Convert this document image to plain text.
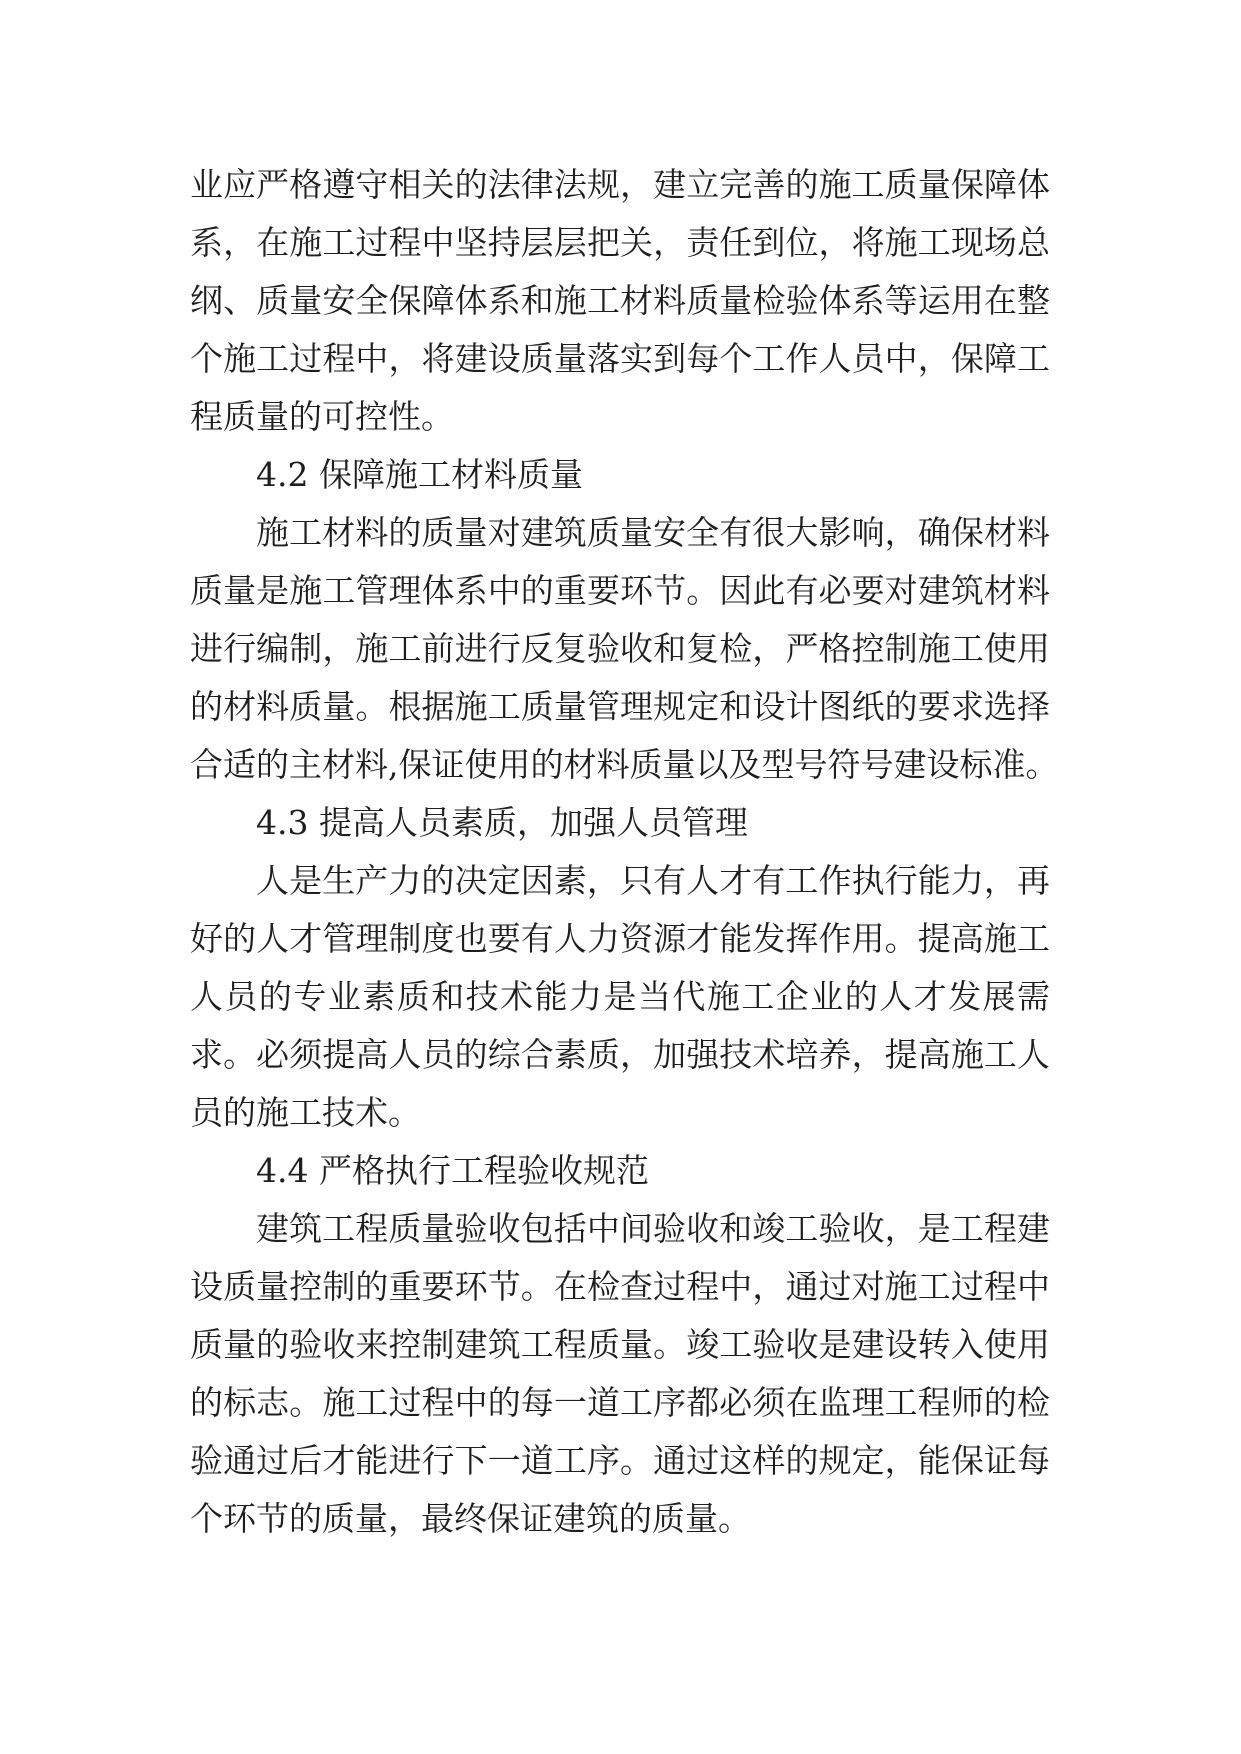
业应严格遵守相关的法律法规，建立完善的施工质量保障体
系，在施工过程中坚持层层把关，责任到位，将施工现场总
纲、质量安全保障体系和施工材料质量检验体系等运用在整
个施工过程中，将建设质量落实到每个工作人员中，保障工
程质量的可控性。
4.2 保障施工材料质量
施工材料的质量对建筑质量安全有很大影响，确保材料
质量是施工管理体系中的重要环节。因此有必要对建筑材料
进行编制，施工前进行反复验收和复检，严格控制施工使用
的材料质量。根据施工质量管理规定和设计图纸的要求选择
合适的主材料,保证使用的材料质量以及型号符号建设标准。
4.3 提高人员素质，加强人员管理
人是生产力的决定因素，只有人才有工作执行能力，再
好的人才管理制度也要有人力资源才能发挥作用。提高施工
人员的专业素质和技术能力是当代施工企业的人才发展需
求。必须提高人员的综合素质，加强技术培养，提高施工人
员的施工技术。
4.4 严格执行工程验收规范
建筑工程质量验收包括中间验收和竣工验收，是工程建
设质量控制的重要环节。在检查过程中，通过对施工过程中
质量的验收来控制建筑工程质量。竣工验收是建设转入使用
的标志。施工过程中的每一道工序都必须在监理工程师的检
验通过后才能进行下一道工序。通过这样的规定，能保证每
个环节的质量，最终保证建筑的质量。
